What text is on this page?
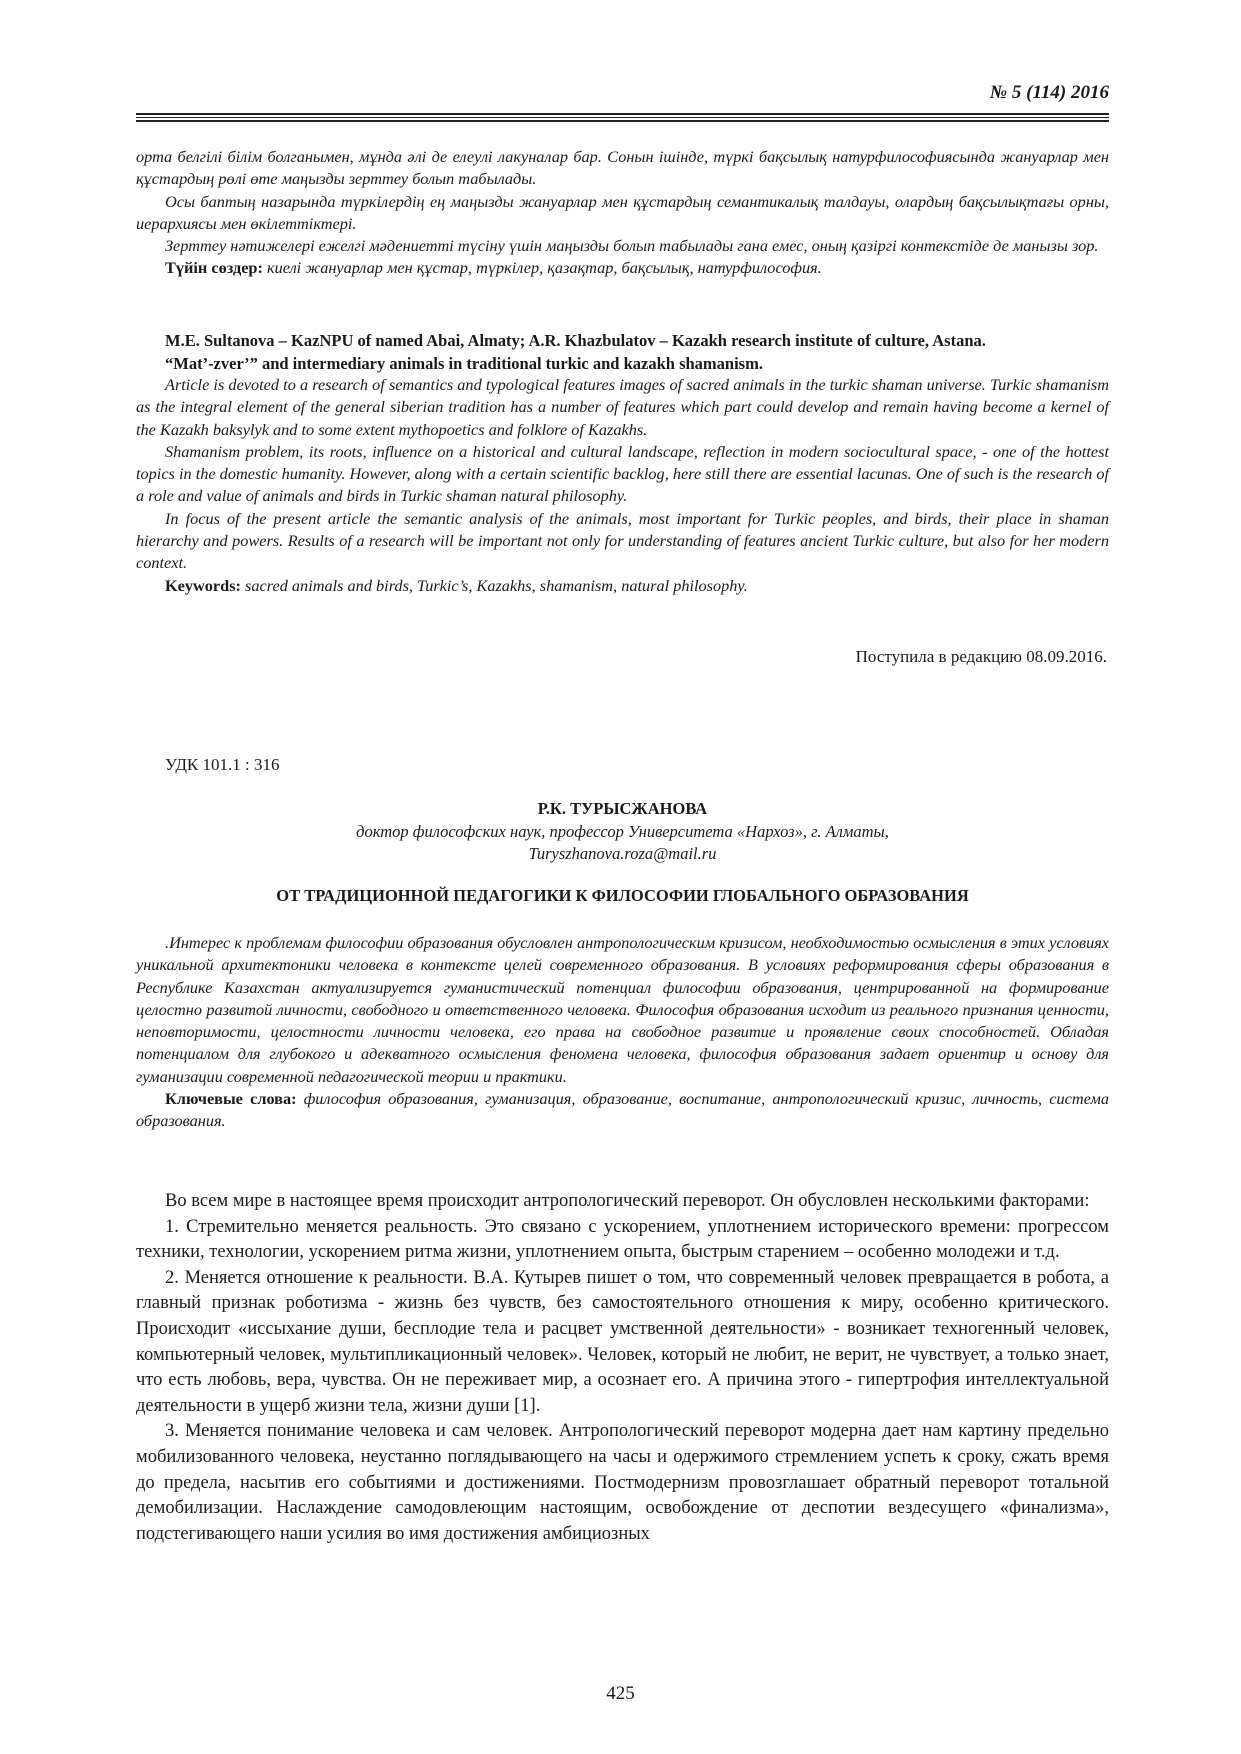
№ 5 (114) 2016

орта белгілі білім болганымен, мұнда әлі де елеулі лакуналар бар. Сонын ішінде, түркі бақсылық натурфилософиясында жануарлар мен құстардың рөлі өте маңызды зерттеу болып табылады.

Осы баптың назарында түркілердің ең маңызды жануарлар мен құстардың семантикалық талдауы, олардың бақсылықтағы орны, иерархиясы мен өкілеттіктері.

Зерттеу нәтижелері ежелгі мәдениетті түсіну үшін маңызды болып табылады гана емес, оның қазіргі контекстіде де манызы зор.

Түйін сөздер: киелі жануарлар мен құстар, түркілер, қазақтар, бақсылық, натурфилософия.

M.E. Sultanova – KazNPU of named Abai, Almaty; A.R. Khazbulatov – Kazakh research institute of culture, Astana.

“Mat’-zver’” and intermediary animals in traditional turkic and kazakh shamanism.

Article is devoted to a research of semantics and typological features images of sacred animals in the turkic shaman universe. Turkic shamanism as the integral element of the general siberian tradition has a number of features which part could develop and remain having become a kernel of the Kazakh baksylyk and to some extent mythopoetics and folklore of Kazakhs.

Shamanism problem, its roots, influence on a historical and cultural landscape, reflection in modern sociocultural space, - one of the hottest topics in the domestic humanity. However, along with a certain scientific backlog, here still there are essential lacunas. One of such is the research of a role and value of animals and birds in Turkic shaman natural philosophy.

In focus of the present article the semantic analysis of the animals, most important for Turkic peoples, and birds, their place in shaman hierarchy and powers. Results of a research will be important not only for understanding of features ancient Turkic culture, but also for her modern context.

Keywords: sacred animals and birds, Turkic’s, Kazakhs, shamanism, natural philosophy.

Поступила в редакцию 08.09.2016.
УДК 101.1 : 316
Р.К. ТУРЫСЖАНОВА
доктор философских наук, профессор Университета «Нархоз», г. Алматы,
Turyszhanova.roza@mail.ru
ОТ ТРАДИЦИОННОЙ ПЕДАГОГИКИ К ФИЛОСОФИИ ГЛОБАЛЬНОГО ОБРАЗОВАНИЯ

.Интерес к проблемам философии образования обусловлен антропологическим кризисом, необходимостью осмысления в этих условиях уникальной архитектоники человека в контексте целей современного образования. В условиях реформирования сферы образования в Республике Казахстан актуализируется гуманистический потенциал философии образования, центрированной на формирование целостно развитой личности, свободного и ответственного человека. Философия образования исходит из реального признания ценности, неповторимости, целостности личности человека, его права на свободное развитие и проявление своих способностей. Обладая потенциалом для глубокого и адекватного осмысления феномена человека, философия образования задает ориентир и основу для гуманизации современной педагогической теории и практики.

Ключевые слова: философия образования, гуманизация, образование, воспитание, антропологический кризис, личность, система образования.

Во всем мире в настоящее время происходит антропологический переворот. Он обусловлен несколькими факторами:

1. Стремительно меняется реальность. Это связано с ускорением, уплотнением исторического времени: прогрессом техники, технологии, ускорением ритма жизни, уплотнением опыта, быстрым старением – особенно молодежи и т.д.

2. Меняется отношение к реальности. В.А. Кутырев пишет о том, что современный человек превращается в робота, а главный признак роботизма - жизнь без чувств, без самостоятельного отношения к миру, особенно критического. Происходит «иссыхание души, бесплодие тела и расцвет умственной деятельности» - возникает техногенный человек, компьютерный человек, мультипликационный человек». Человек, который не любит, не верит, не чувствует, а только знает, что есть любовь, вера, чувства. Он не переживает мир, а осознает его. А причина этого - гипертрофия интеллектуальной деятельности в ущерб жизни тела, жизни души [1].

3. Меняется понимание человека и сам человек. Антропологический переворот модерна дает нам картину предельно мобилизованного человека, неустанно поглядывающего на часы и одержимого стремлением успеть к сроку, сжать время до предела, насытив его событиями и достижениями. Постмодернизм провозглашает обратный переворот тотальной демобилизации. Наслаждение самодовлеющим настоящим, освобождение от деспотии вездесущего «финализма», подстегивающего наши усилия во имя достижения амбициозных

425
